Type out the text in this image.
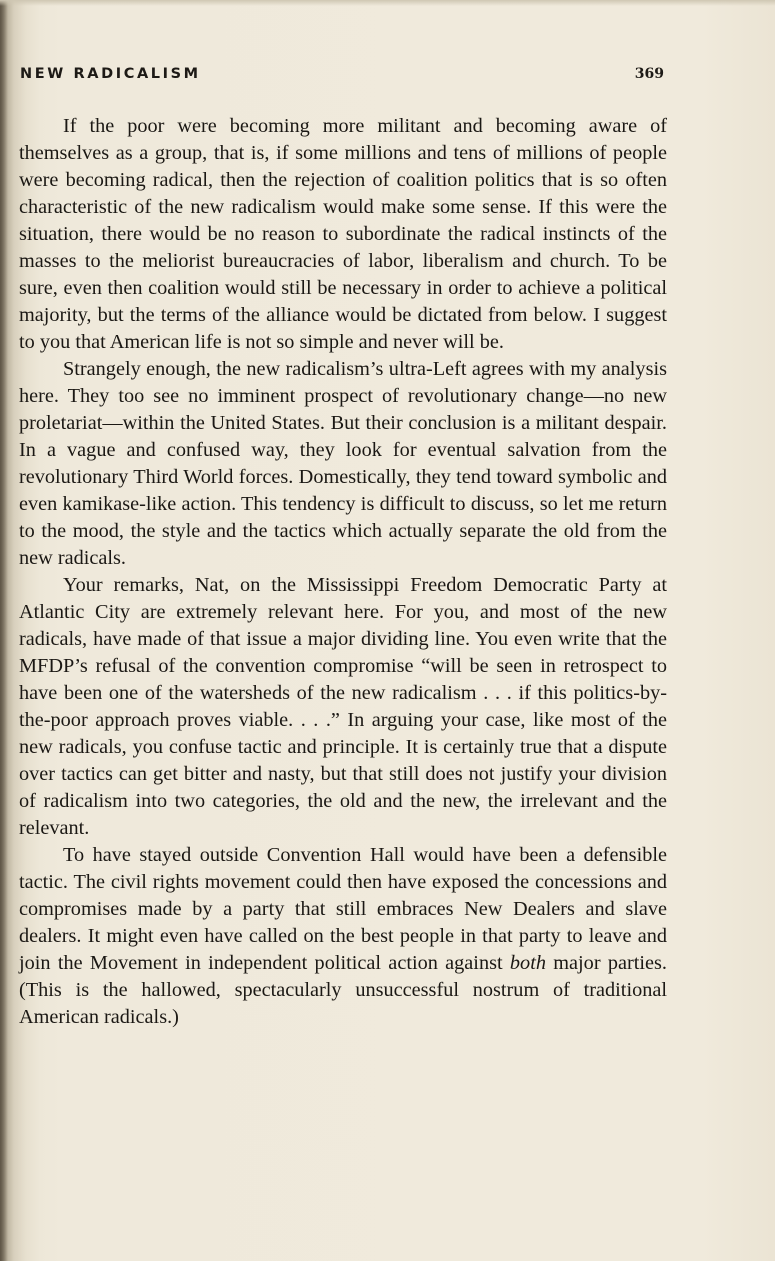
NEW RADICALISM	369

If the poor were becoming more militant and becoming aware of themselves as a group, that is, if some millions and tens of millions of people were becoming radical, then the rejection of coalition politics that is so often characteristic of the new radicalism would make some sense. If this were the situation, there would be no reason to subordinate the radical instincts of the masses to the meliorist bureaucracies of labor, liberalism and church. To be sure, even then coalition would still be necessary in order to achieve a political majority, but the terms of the alliance would be dictated from below. I suggest to you that American life is not so simple and never will be.

Strangely enough, the new radicalism’s ultra-Left agrees with my analysis here. They too see no imminent prospect of revolutionary change—no new proletariat—within the United States. But their conclusion is a militant despair. In a vague and confused way, they look for eventual salvation from the revolutionary Third World forces. Domestically, they tend toward symbolic and even kamikase-like action. This tendency is difficult to discuss, so let me return to the mood, the style and the tactics which actually separate the old from the new radicals.

Your remarks, Nat, on the Mississippi Freedom Democratic Party at Atlantic City are extremely relevant here. For you, and most of the new radicals, have made of that issue a major dividing line. You even write that the MFDP’s refusal of the convention compromise “will be seen in retrospect to have been one of the watersheds of the new radicalism . . . if this politics-by-the-poor approach proves viable. . . .” In arguing your case, like most of the new radicals, you confuse tactic and principle. It is certainly true that a dispute over tactics can get bitter and nasty, but that still does not justify your division of radicalism into two categories, the old and the new, the irrelevant and the relevant.

To have stayed outside Convention Hall would have been a defensible tactic. The civil rights movement could then have exposed the concessions and compromises made by a party that still embraces New Dealers and slave dealers. It might even have called on the best people in that party to leave and join the Movement in independent political action against both major parties. (This is the hallowed, spectacularly unsuccessful nostrum of traditional American radicals.)
